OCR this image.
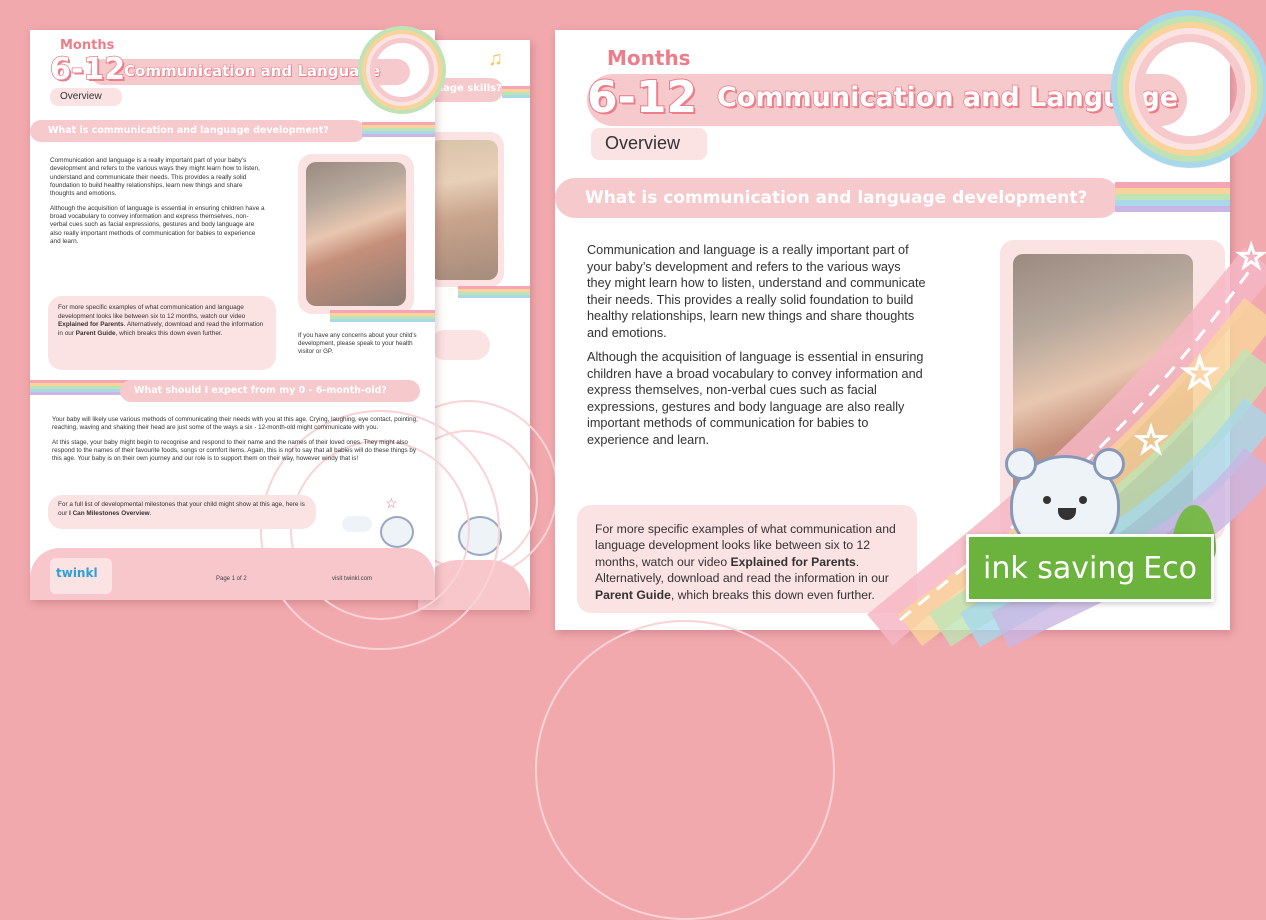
uage skills?
♫
Months
6-12
Communication and Language
Overview
What is communication and language development?

Communication and language is a really important part of your baby’s development and refers to the various ways they might learn how to listen, understand and communicate their needs. This provides a really solid foundation to build healthy relationships, learn new things and share thoughts and emotions.

Although the acquisition of language is essential in ensuring children have a broad vocabulary to convey information and express themselves, non-verbal cues such as facial expressions, gestures and body language are also really important methods of communication for babies to experience and learn.

For more specific examples of what communication and language development looks like between six to 12 months, watch our video Explained for Parents. Alternatively, download and read the information in our Parent Guide, which breaks this down even further.	If you have any concerns about your child’s development, please speak to your health visitor or GP.
What should I expect from my 0 - 6-month-old?

Your baby will likely use various methods of communicating their needs with you at this age. Crying, laughing, eye contact, pointing, reaching, waving and shaking their head are just some of the ways a six - 12-month-old might communicate with you.

At this stage, your baby might begin to recognise and respond to their name and the names of their loved ones. They might also respond to the names of their favourite foods, songs or comfort items. Again, this is not to say that all babies will do these things by this age. Your baby is on their own journey and our role is to support them on their way, however windy that is!

For a full list of developmental milestones that your child might show at this age, here is our I Can Milestones Overview.
☆
twinkl	Page 1 of 2	visit twinkl.com
Months
6-12 Communication and Language
Overview
What is communication and language development?

Communication and language is a really important part of your baby’s development and refers to the various ways they might learn how to listen, understand and communicate their needs. This provides a really solid foundation to build healthy relationships, learn new things and share thoughts and emotions.

Although the acquisition of language is essential in ensuring children have a broad vocabulary to convey information and express themselves, non-verbal cues such as facial expressions, gestures and body language are also really important methods of communication for babies to experience and learn.

For more specific examples of what communication and language development looks like between six to 12 months, watch our video Explained for Parents. Alternatively, download and read the information in our Parent Guide, which breaks this down even further.
☆
☆
☆
ink saving Eco
